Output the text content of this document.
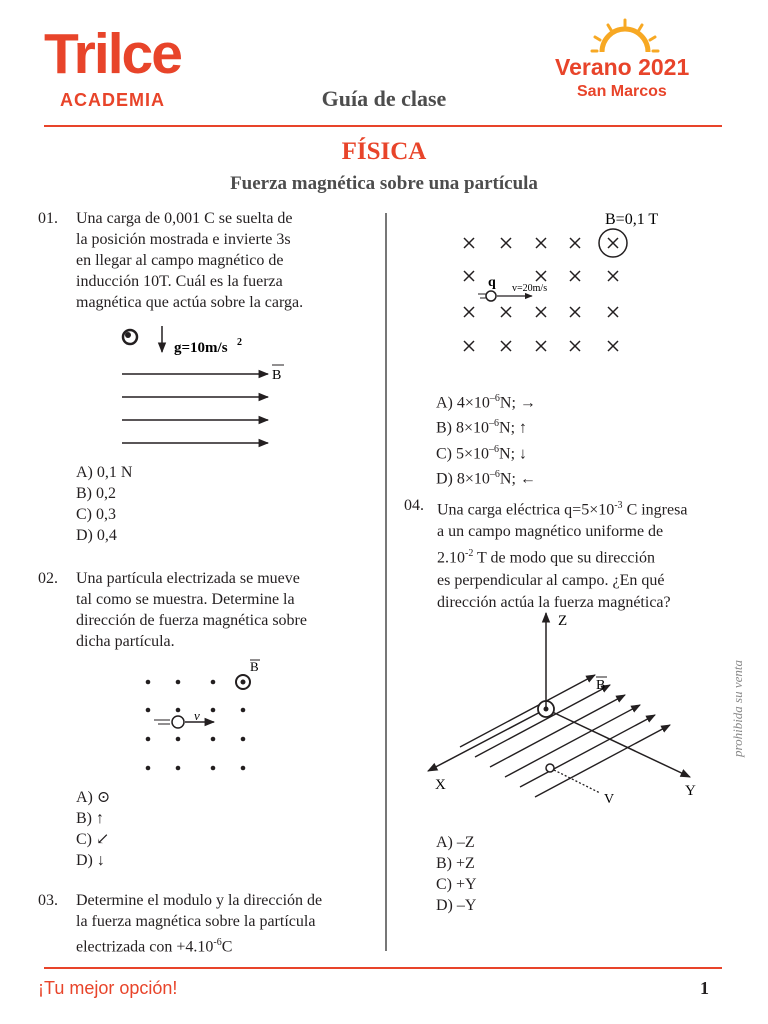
Trilce
ACADEMIA	Guía de clase
Verano 2021
San Marcos
FÍSICA
Fuerza magnética sobre una partícula
01. Una carga de 0,001 C se suelta de
la posición mostrada e invierte 3s
en llegar al campo magnético de
inducción 10T. Cuál es la fuerza
magnética que actúa sobre la carga.
g=10m/s 2
B
A) 0,1 N
B) 0,2
C) 0,3
D) 0,4
02. Una partícula electrizada se mueve
tal como se muestra. Determine la
dirección de fuerza magnética sobre
dicha partícula.
B
v
A) ⊙
B) ↑
C) ↙
D) ↓
03. Determine el modulo y la dirección de
la fuerza magnética sobre la partícula
electrizada con $+4.10^{-6}C$
B=0,1 T
q v=20m/s
A) $4\times 10^{-6}N$; →
B) $8\times 10^{-6}N$; ↑
C) $5\times 10^{-6}N$; ↓
D) $8\times 10^{-6}N$; ←
04. Una carga eléctrica $q=5\times 10^{-3}$ C ingresa
a un campo magnético uniforme de
$2.10^{-2}$ T de modo que su dirección
es perpendicular al campo. ¿En qué
dirección actúa la fuerza magnética?
Z
X	Y
B
V
A) –Z
B) +Z
C) +Y
D) –Y
prohibida su venta
¡Tu mejor opción!	1
